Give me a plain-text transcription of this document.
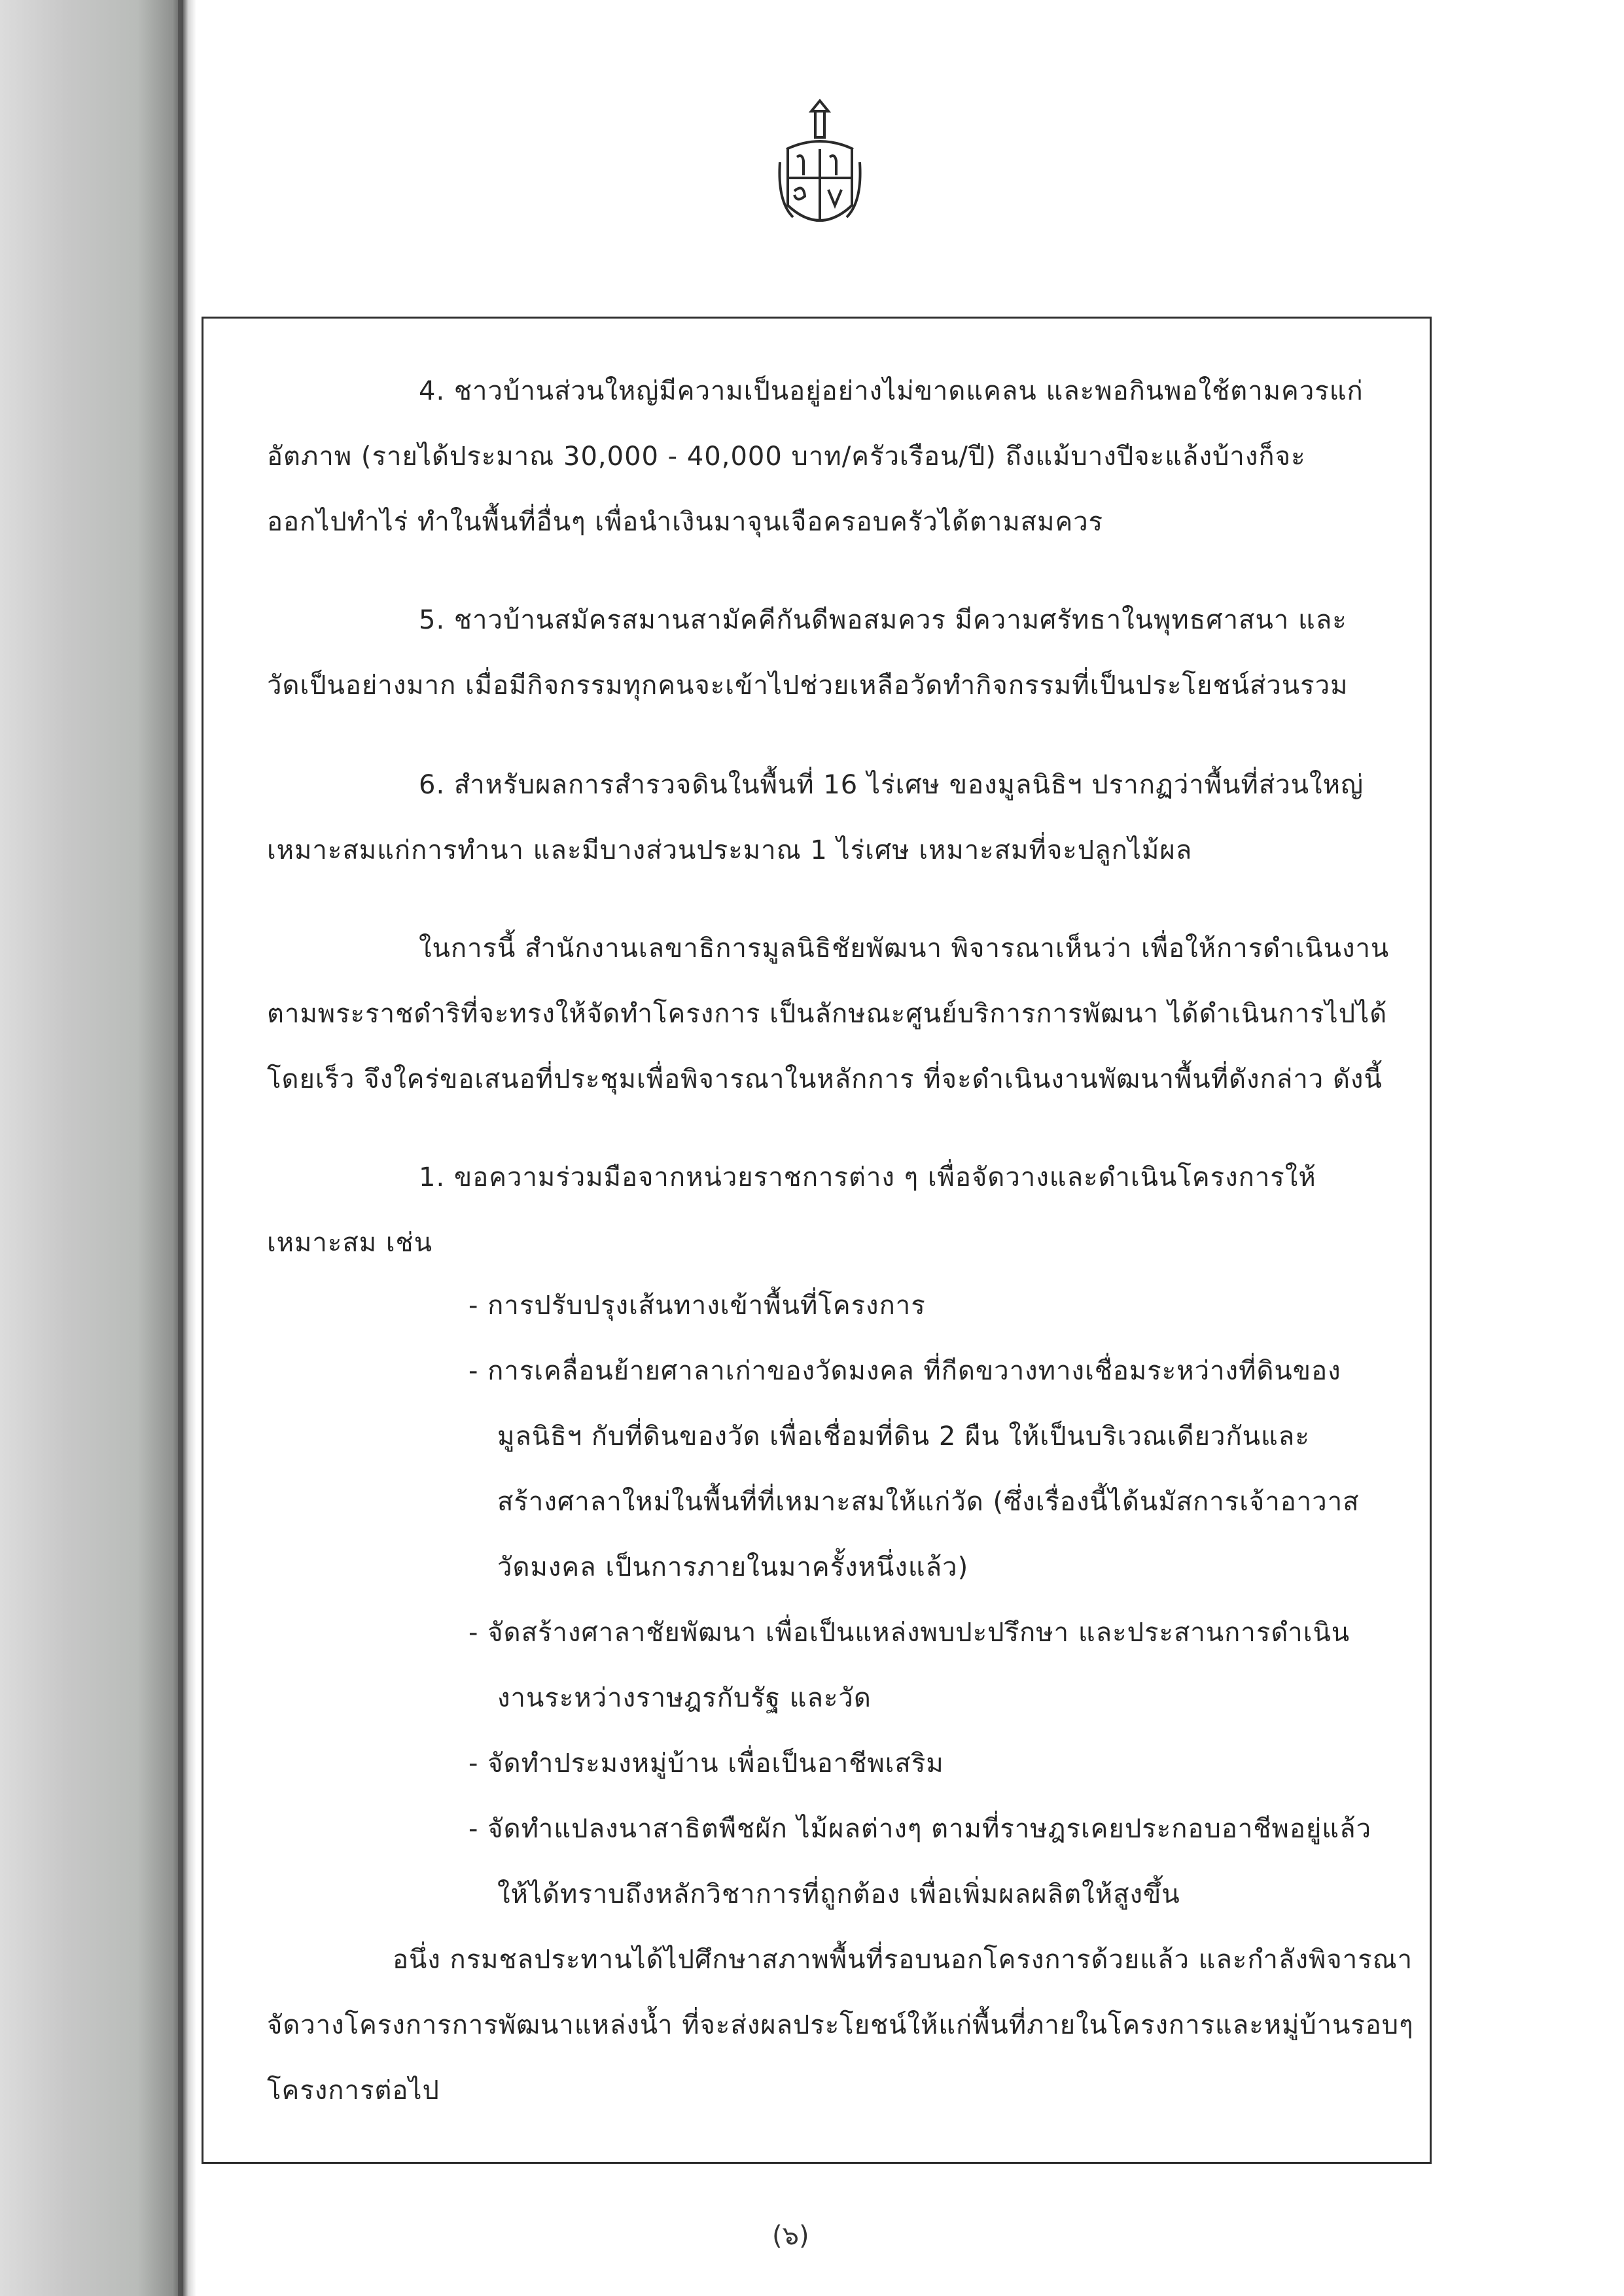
4. ชาวบ้านส่วนใหญ่มีความเป็นอยู่อย่างไม่ขาดแคลน และพอกินพอใช้ตามควรแก่

อัตภาพ (รายได้ประมาณ 30,000 - 40,000 บาท/ครัวเรือน/ปี) ถึงแม้บางปีจะแล้งบ้างก็จะ

ออกไปทำไร่ ทำในพื้นที่อื่นๆ เพื่อนำเงินมาจุนเจือครอบครัวได้ตามสมควร

5. ชาวบ้านสมัครสมานสามัคคีกันดีพอสมควร มีความศรัทธาในพุทธศาสนา และ

วัดเป็นอย่างมาก เมื่อมีกิจกรรมทุกคนจะเข้าไปช่วยเหลือวัดทำกิจกรรมที่เป็นประโยชน์ส่วนรวม

6. สำหรับผลการสำรวจดินในพื้นที่ 16 ไร่เศษ ของมูลนิธิฯ ปรากฏว่าพื้นที่ส่วนใหญ่

เหมาะสมแก่การทำนา และมีบางส่วนประมาณ 1 ไร่เศษ เหมาะสมที่จะปลูกไม้ผล

ในการนี้ สำนักงานเลขาธิการมูลนิธิชัยพัฒนา พิจารณาเห็นว่า เพื่อให้การดำเนินงาน

ตามพระราชดำริที่จะทรงให้จัดทำโครงการ เป็นลักษณะศูนย์บริการการพัฒนา ได้ดำเนินการไปได้

โดยเร็ว จึงใคร่ขอเสนอที่ประชุมเพื่อพิจารณาในหลักการ ที่จะดำเนินงานพัฒนาพื้นที่ดังกล่าว ดังนี้

1. ขอความร่วมมือจากหน่วยราชการต่าง ๆ เพื่อจัดวางและดำเนินโครงการให้

เหมาะสม เช่น

- การปรับปรุงเส้นทางเข้าพื้นที่โครงการ

- การเคลื่อนย้ายศาลาเก่าของวัดมงคล ที่กีดขวางทางเชื่อมระหว่างที่ดินของ

มูลนิธิฯ กับที่ดินของวัด เพื่อเชื่อมที่ดิน 2 ผืน ให้เป็นบริเวณเดียวกันและ

สร้างศาลาใหม่ในพื้นที่ที่เหมาะสมให้แก่วัด (ซึ่งเรื่องนี้ได้นมัสการเจ้าอาวาส

วัดมงคล เป็นการภายในมาครั้งหนึ่งแล้ว)

- จัดสร้างศาลาชัยพัฒนา เพื่อเป็นแหล่งพบปะปรึกษา และประสานการดำเนิน

งานระหว่างราษฎรกับรัฐ และวัด

- จัดทำประมงหมู่บ้าน เพื่อเป็นอาชีพเสริม

- จัดทำแปลงนาสาธิตพืชผัก ไม้ผลต่างๆ ตามที่ราษฎรเคยประกอบอาชีพอยู่แล้ว

ให้ได้ทราบถึงหลักวิชาการที่ถูกต้อง เพื่อเพิ่มผลผลิตให้สูงขึ้น

อนึ่ง กรมชลประทานได้ไปศึกษาสภาพพื้นที่รอบนอกโครงการด้วยแล้ว และกำลังพิจารณา

จัดวางโครงการการพัฒนาแหล่งน้ำ ที่จะส่งผลประโยชน์ให้แก่พื้นที่ภายในโครงการและหมู่บ้านรอบๆ

โครงการต่อไป

(๖)
